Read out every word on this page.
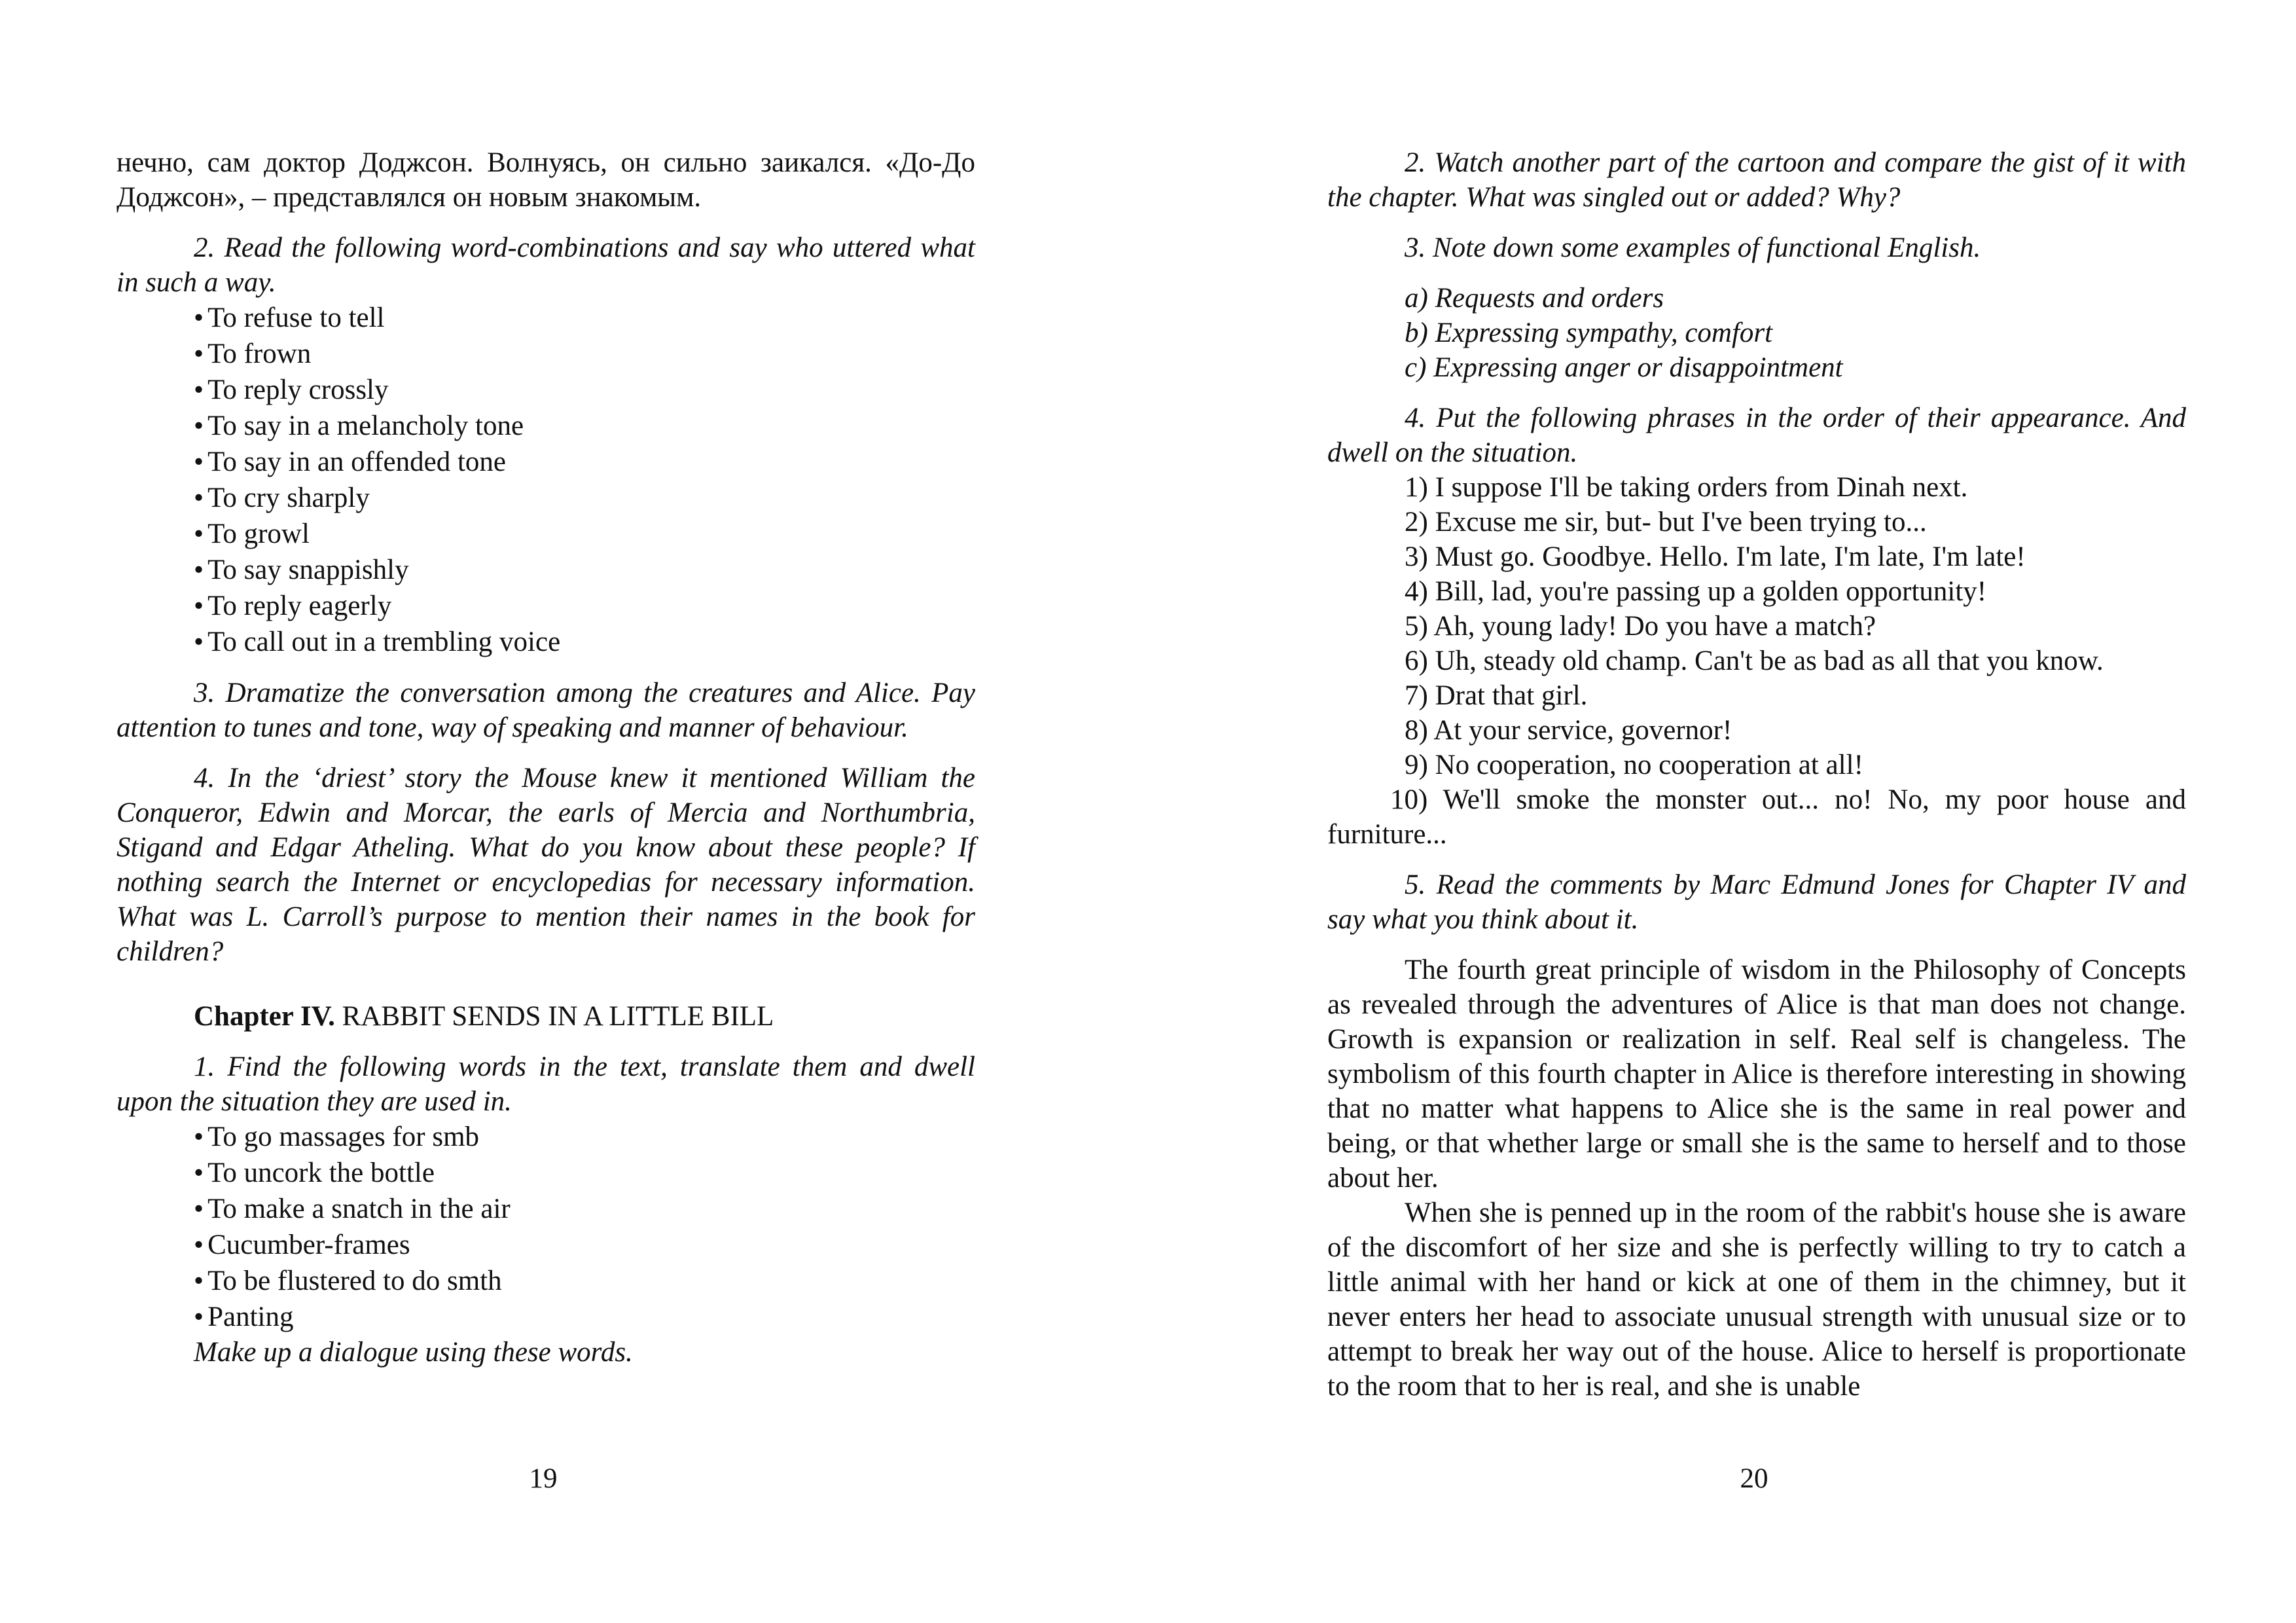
нечно, сам доктор Доджсон. Волнуясь, он сильно заикался. «До-До Доджсон», – представлялся он новым знакомым.

2. Read the following word-combinations and say who uttered what in such a way.

• To refuse to tell
• To frown
• To reply crossly
• To say in a melancholy tone
• To say in an offended tone
• To cry sharply
• To growl
• To say snappishly
• To reply eagerly
• To call out in a trembling voice

3. Dramatize the conversation among the creatures and Alice. Pay attention to tunes and tone, way of speaking and manner of behaviour.

4. In the ‘driest’ story the Mouse knew it mentioned William the Conqueror, Edwin and Morcar, the earls of Mercia and Northumbria, Stigand and Edgar Atheling. What do you know about these people? If nothing search the Internet or encyclopedias for necessary information. What was L. Carroll’s purpose to mention their names in the book for children?

Chapter IV. RABBIT SENDS IN A LITTLE BILL

1. Find the following words in the text, translate them and dwell upon the situation they are used in.

• To go massages for smb
• To uncork the bottle
• To make a snatch in the air
• Cucumber-frames
• To be flustered to do smth
• Panting

Make up a dialogue using these words.

19

2. Watch another part of the cartoon and compare the gist of it with the chapter. What was singled out or added? Why?

3. Note down some examples of functional English.

a) Requests and orders
b) Expressing sympathy, comfort
c) Expressing anger or disappointment

4. Put the following phrases in the order of their appearance. And dwell on the situation.

1) I suppose I'll be taking orders from Dinah next.
2) Excuse me sir, but- but I've been trying to...
3) Must go. Goodbye. Hello. I'm late, I'm late, I'm late!
4) Bill, lad, you're passing up a golden opportunity!
5) Ah, young lady! Do you have a match?
6) Uh, steady old champ. Can't be as bad as all that you know.
7) Drat that girl.
8) At your service, governor!
9) No cooperation, no cooperation at all!
10) We'll smoke the monster out... no! No, my poor house and furniture...

5. Read the comments by Marc Edmund Jones for Chapter IV and say what you think about it.

The fourth great principle of wisdom in the Philosophy of Concepts as revealed through the adventures of Alice is that man does not change. Growth is expansion or realization in self. Real self is changeless. The symbolism of this fourth chapter in Alice is therefore interesting in showing that no matter what happens to Alice she is the same in real power and being, or that whether large or small she is the same to herself and to those about her.

When she is penned up in the room of the rabbit's house she is aware of the discomfort of her size and she is perfectly willing to try to catch a little animal with her hand or kick at one of them in the chimney, but it never enters her head to associate unusual strength with unusual size or to attempt to break her way out of the house. Alice to herself is proportionate to the room that to her is real, and she is unable

20
